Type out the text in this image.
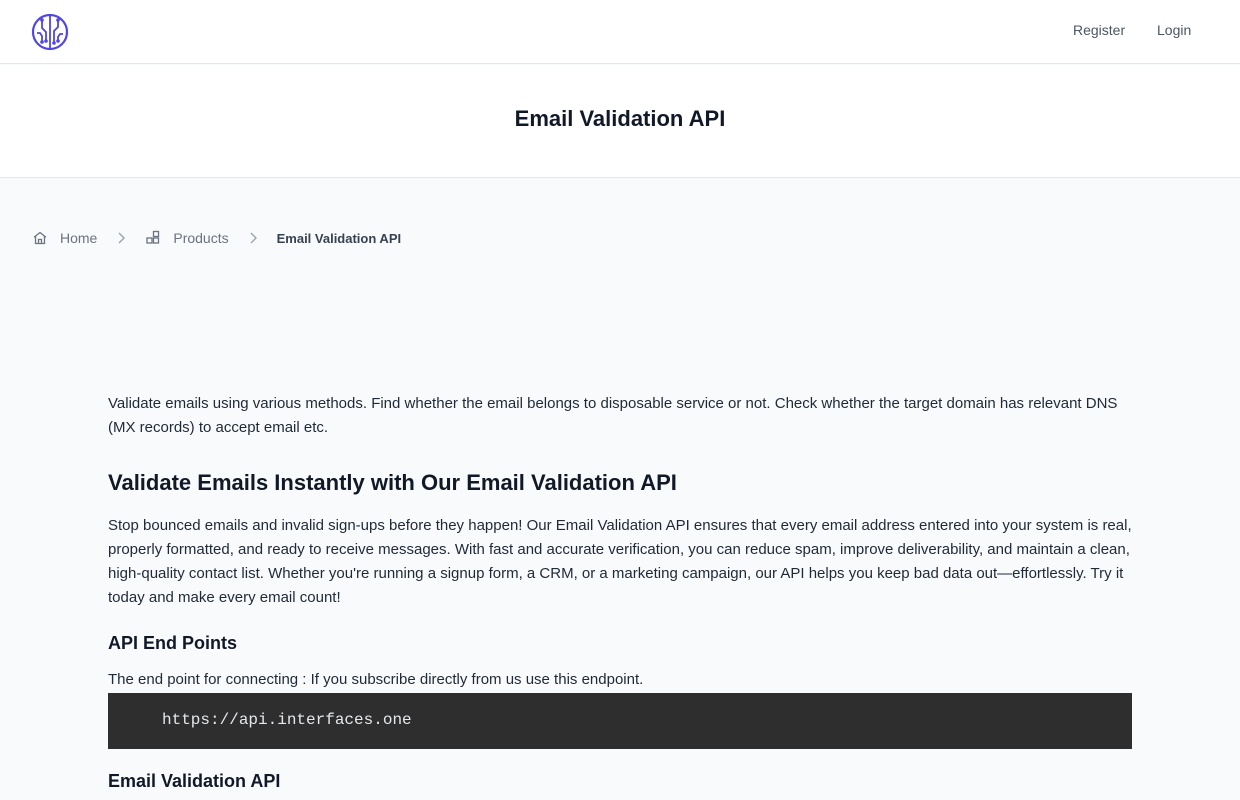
Register Login
Email Validation API
Home	Products	Email Validation API

Validate emails using various methods. Find whether the email belongs to disposable service or not. Check whether the target domain has relevant DNS (MX records) to accept email etc.

Validate Emails Instantly with Our Email Validation API

Stop bounced emails and invalid sign-ups before they happen! Our Email Validation API ensures that every email address entered into your system is real, properly formatted, and ready to receive messages. With fast and accurate verification, you can reduce spam, improve deliverability, and maintain a clean, high-quality contact list. Whether you're running a signup form, a CRM, or a marketing campaign, our API helps you keep bad data out—effortlessly. Try it today and make every email count!

API End Points

The end point for connecting : If you subscribe directly from us use this endpoint.

https://api.interfaces.one
Email Validation API
